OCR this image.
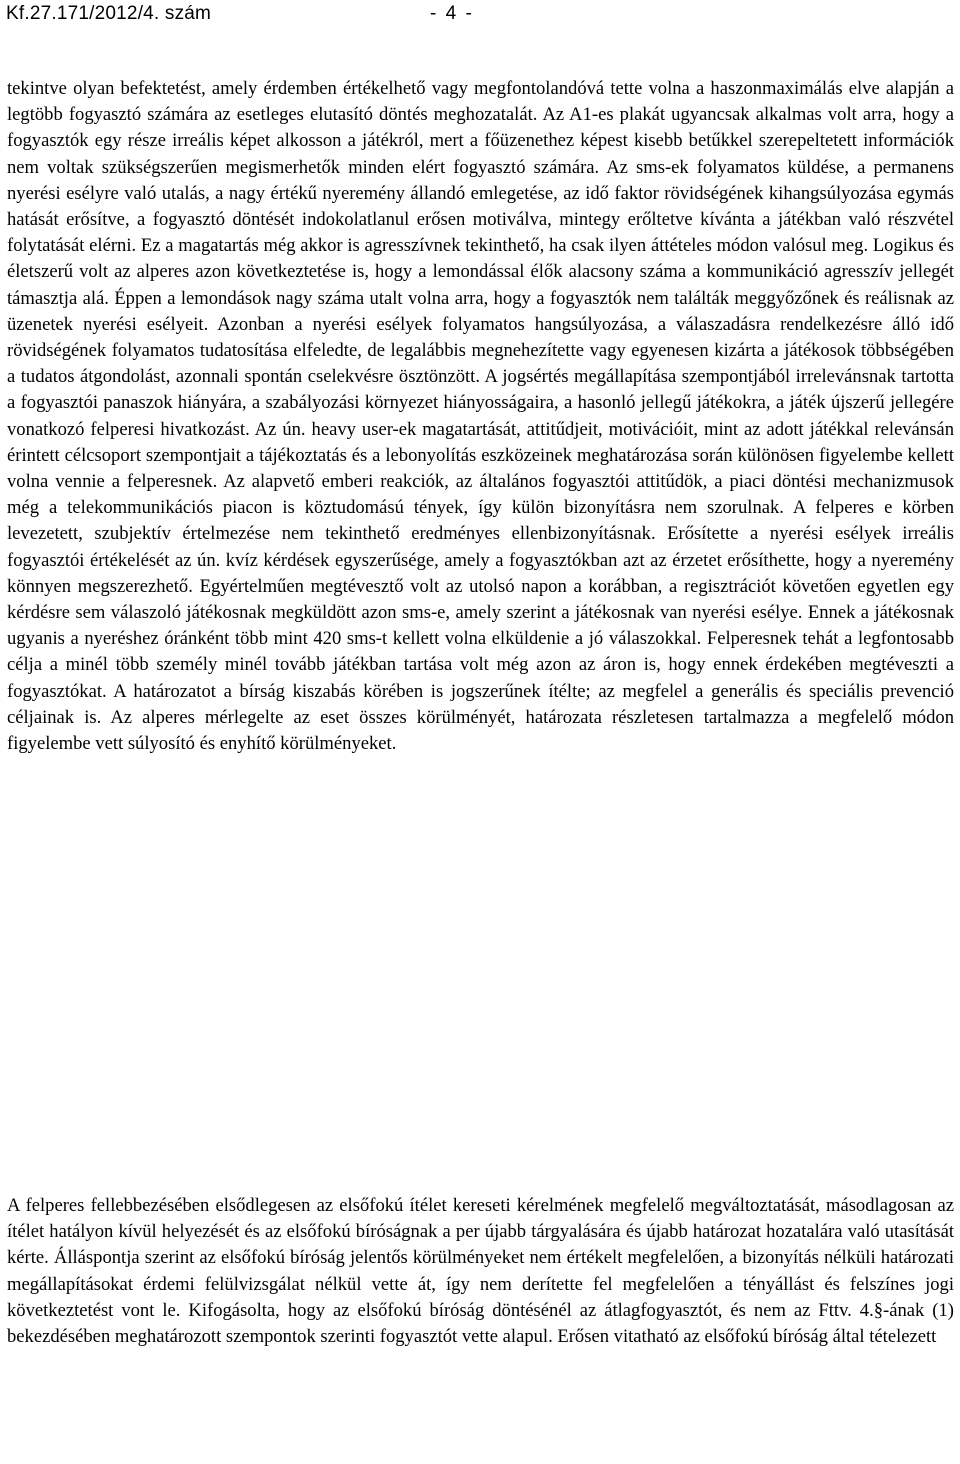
Kf.27.171/2012/4. szám	- 4 -

tekintve olyan befektetést, amely érdemben értékelhető vagy megfontolandóvá tette volna a haszonmaximálás elve alapján a legtöbb fogyasztó számára az esetleges elutasító döntés meghozatalát. Az A1-es plakát ugyancsak alkalmas volt arra, hogy a fogyasztók egy része irreális képet alkosson a játékról, mert a főüzenethez képest kisebb betűkkel szerepeltetett információk nem voltak szükségszerűen megismerhetők minden elért fogyasztó számára. Az sms-ek folyamatos küldése, a permanens nyerési esélyre való utalás, a nagy értékű nyeremény állandó emlegetése, az idő faktor rövidségének kihangsúlyozása egymás hatását erősítve, a fogyasztó döntését indokolatlanul erősen motiválva, mintegy erőltetve kívánta a játékban való részvétel folytatását elérni. Ez a magatartás még akkor is agresszívnek tekinthető, ha csak ilyen áttételes módon valósul meg. Logikus és életszerű volt az alperes azon következtetése is, hogy a lemondással élők alacsony száma a kommunikáció agresszív jellegét támasztja alá. Éppen a lemondások nagy száma utalt volna arra, hogy a fogyasztók nem találták meggyőzőnek és reálisnak az üzenetek nyerési esélyeit. Azonban a nyerési esélyek folyamatos hangsúlyozása, a válaszadásra rendelkezésre álló idő rövidségének folyamatos tudatosítása elfeledte, de legalábbis megnehezítette vagy egyenesen kizárta a játékosok többségében a tudatos átgondolást, azonnali spontán cselekvésre ösztönzött. A jogsértés megállapítása szempontjából irrelevánsnak tartotta a fogyasztói panaszok hiányára, a szabályozási környezet hiányosságaira, a hasonló jellegű játékokra, a játék újszerű jellegére vonatkozó felperesi hivatkozást. Az ún. heavy user-ek magatartását, attitűdjeit, motivációit, mint az adott játékkal relevánsán érintett célcsoport szempontjait a tájékoztatás és a lebonyolítás eszközeinek meghatározása során különösen figyelembe kellett volna vennie a felperesnek. Az alapvető emberi reakciók, az általános fogyasztói attitűdök, a piaci döntési mechanizmusok még a telekommunikációs piacon is köztudomású tények, így külön bizonyításra nem szorulnak. A felperes e körben levezetett, szubjektív értelmezése nem tekinthető eredményes ellenbizonyításnak. Erősítette a nyerési esélyek irreális fogyasztói értékelését az ún. kvíz kérdések egyszerűsége, amely a fogyasztókban azt az érzetet erősíthette, hogy a nyeremény könnyen megszerezhető. Egyértelműen megtévesztő volt az utolsó napon a korábban, a regisztrációt követően egyetlen egy kérdésre sem válaszoló játékosnak megküldött azon sms-e, amely szerint a játékosnak van nyerési esélye. Ennek a játékosnak ugyanis a nyeréshez óránként több mint 420 sms-t kellett volna elküldenie a jó válaszokkal. Felperesnek tehát a legfontosabb célja a minél több személy minél tovább játékban tartása volt még azon az áron is, hogy ennek érdekében megtéveszti a fogyasztókat. A határozatot a bírság kiszabás körében is jogszerűnek ítélte; az megfelel a generális és speciális prevenció céljainak is. Az alperes mérlegelte az eset összes körülményét, határozata részletesen tartalmazza a megfelelő módon figyelembe vett súlyosító és enyhítő körülményeket.

A felperes fellebbezésében elsődlegesen az elsőfokú ítélet kereseti kérelmének megfelelő megváltoztatását, másodlagosan az ítélet hatályon kívül helyezését és az elsőfokú bíróságnak a per újabb tárgyalására és újabb határozat hozatalára való utasítását kérte. Álláspontja szerint az elsőfokú bíróság jelentős körülményeket nem értékelt megfelelően, a bizonyítás nélküli határozati megállapításokat érdemi felülvizsgálat nélkül vette át, így nem derítette fel megfelelően a tényállást és felszínes jogi következtetést vont le. Kifogásolta, hogy az elsőfokú bíróság döntésénél az átlagfogyasztót, és nem az Fttv. 4.§-ának (1) bekezdésében meghatározott szempontok szerinti fogyasztót vette alapul. Erősen vitatható az elsőfokú bíróság által tételezett
